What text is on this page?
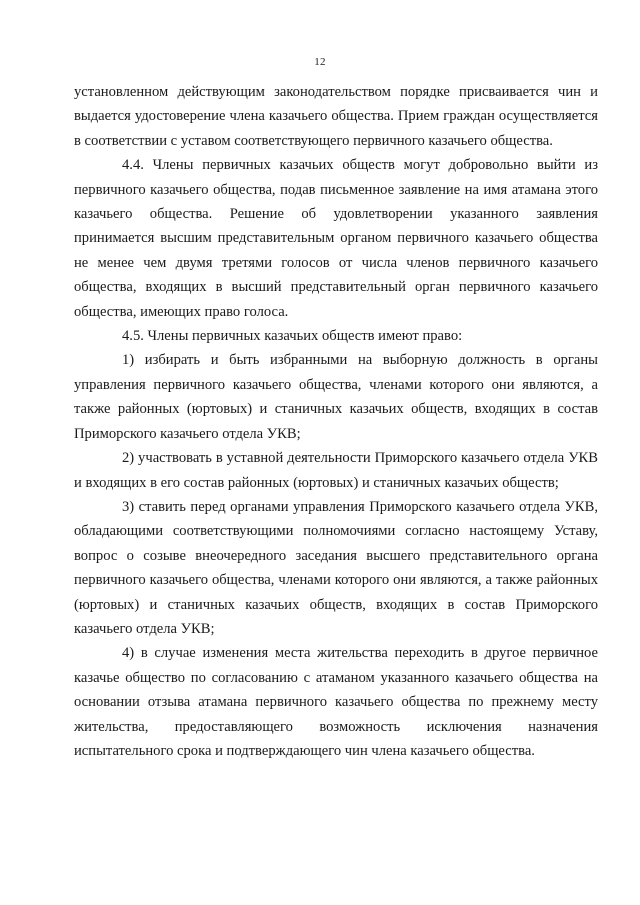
12

установленном действующим законодательством порядке присваивается чин и выдается удостоверение члена казачьего общества. Прием граждан осуществляется в соответствии с уставом соответствующего первичного казачьего общества.

4.4. Члены первичных казачьих обществ могут добровольно выйти из первичного казачьего общества, подав письменное заявление на имя атамана этого казачьего общества. Решение об удовлетворении указанного заявления принимается высшим представительным органом первичного казачьего общества не менее чем двумя третями голосов от числа членов первичного казачьего общества, входящих в высший представительный орган первичного казачьего общества, имеющих право голоса.

4.5. Члены первичных казачьих обществ имеют право:

1) избирать и быть избранными на выборную должность в органы управления первичного казачьего общества, членами которого они являются, а также районных (юртовых) и станичных казачьих обществ, входящих в состав Приморского казачьего отдела УКВ;

2) участвовать в уставной деятельности Приморского казачьего отдела УКВ и входящих в его состав районных (юртовых) и станичных казачьих обществ;

3) ставить перед органами управления Приморского казачьего отдела УКВ, обладающими соответствующими полномочиями согласно настоящему Уставу, вопрос о созыве внеочередного заседания высшего представительного органа первичного казачьего общества, членами которого они являются, а также районных (юртовых) и станичных казачьих обществ, входящих в состав Приморского казачьего отдела УКВ;

4) в случае изменения места жительства переходить в другое первичное казачье общество по согласованию с атаманом указанного казачьего общества на основании отзыва атамана первичного казачьего общества по прежнему месту жительства, предоставляющего возможность исключения назначения испытательного срока и подтверждающего чин члена казачьего общества.
